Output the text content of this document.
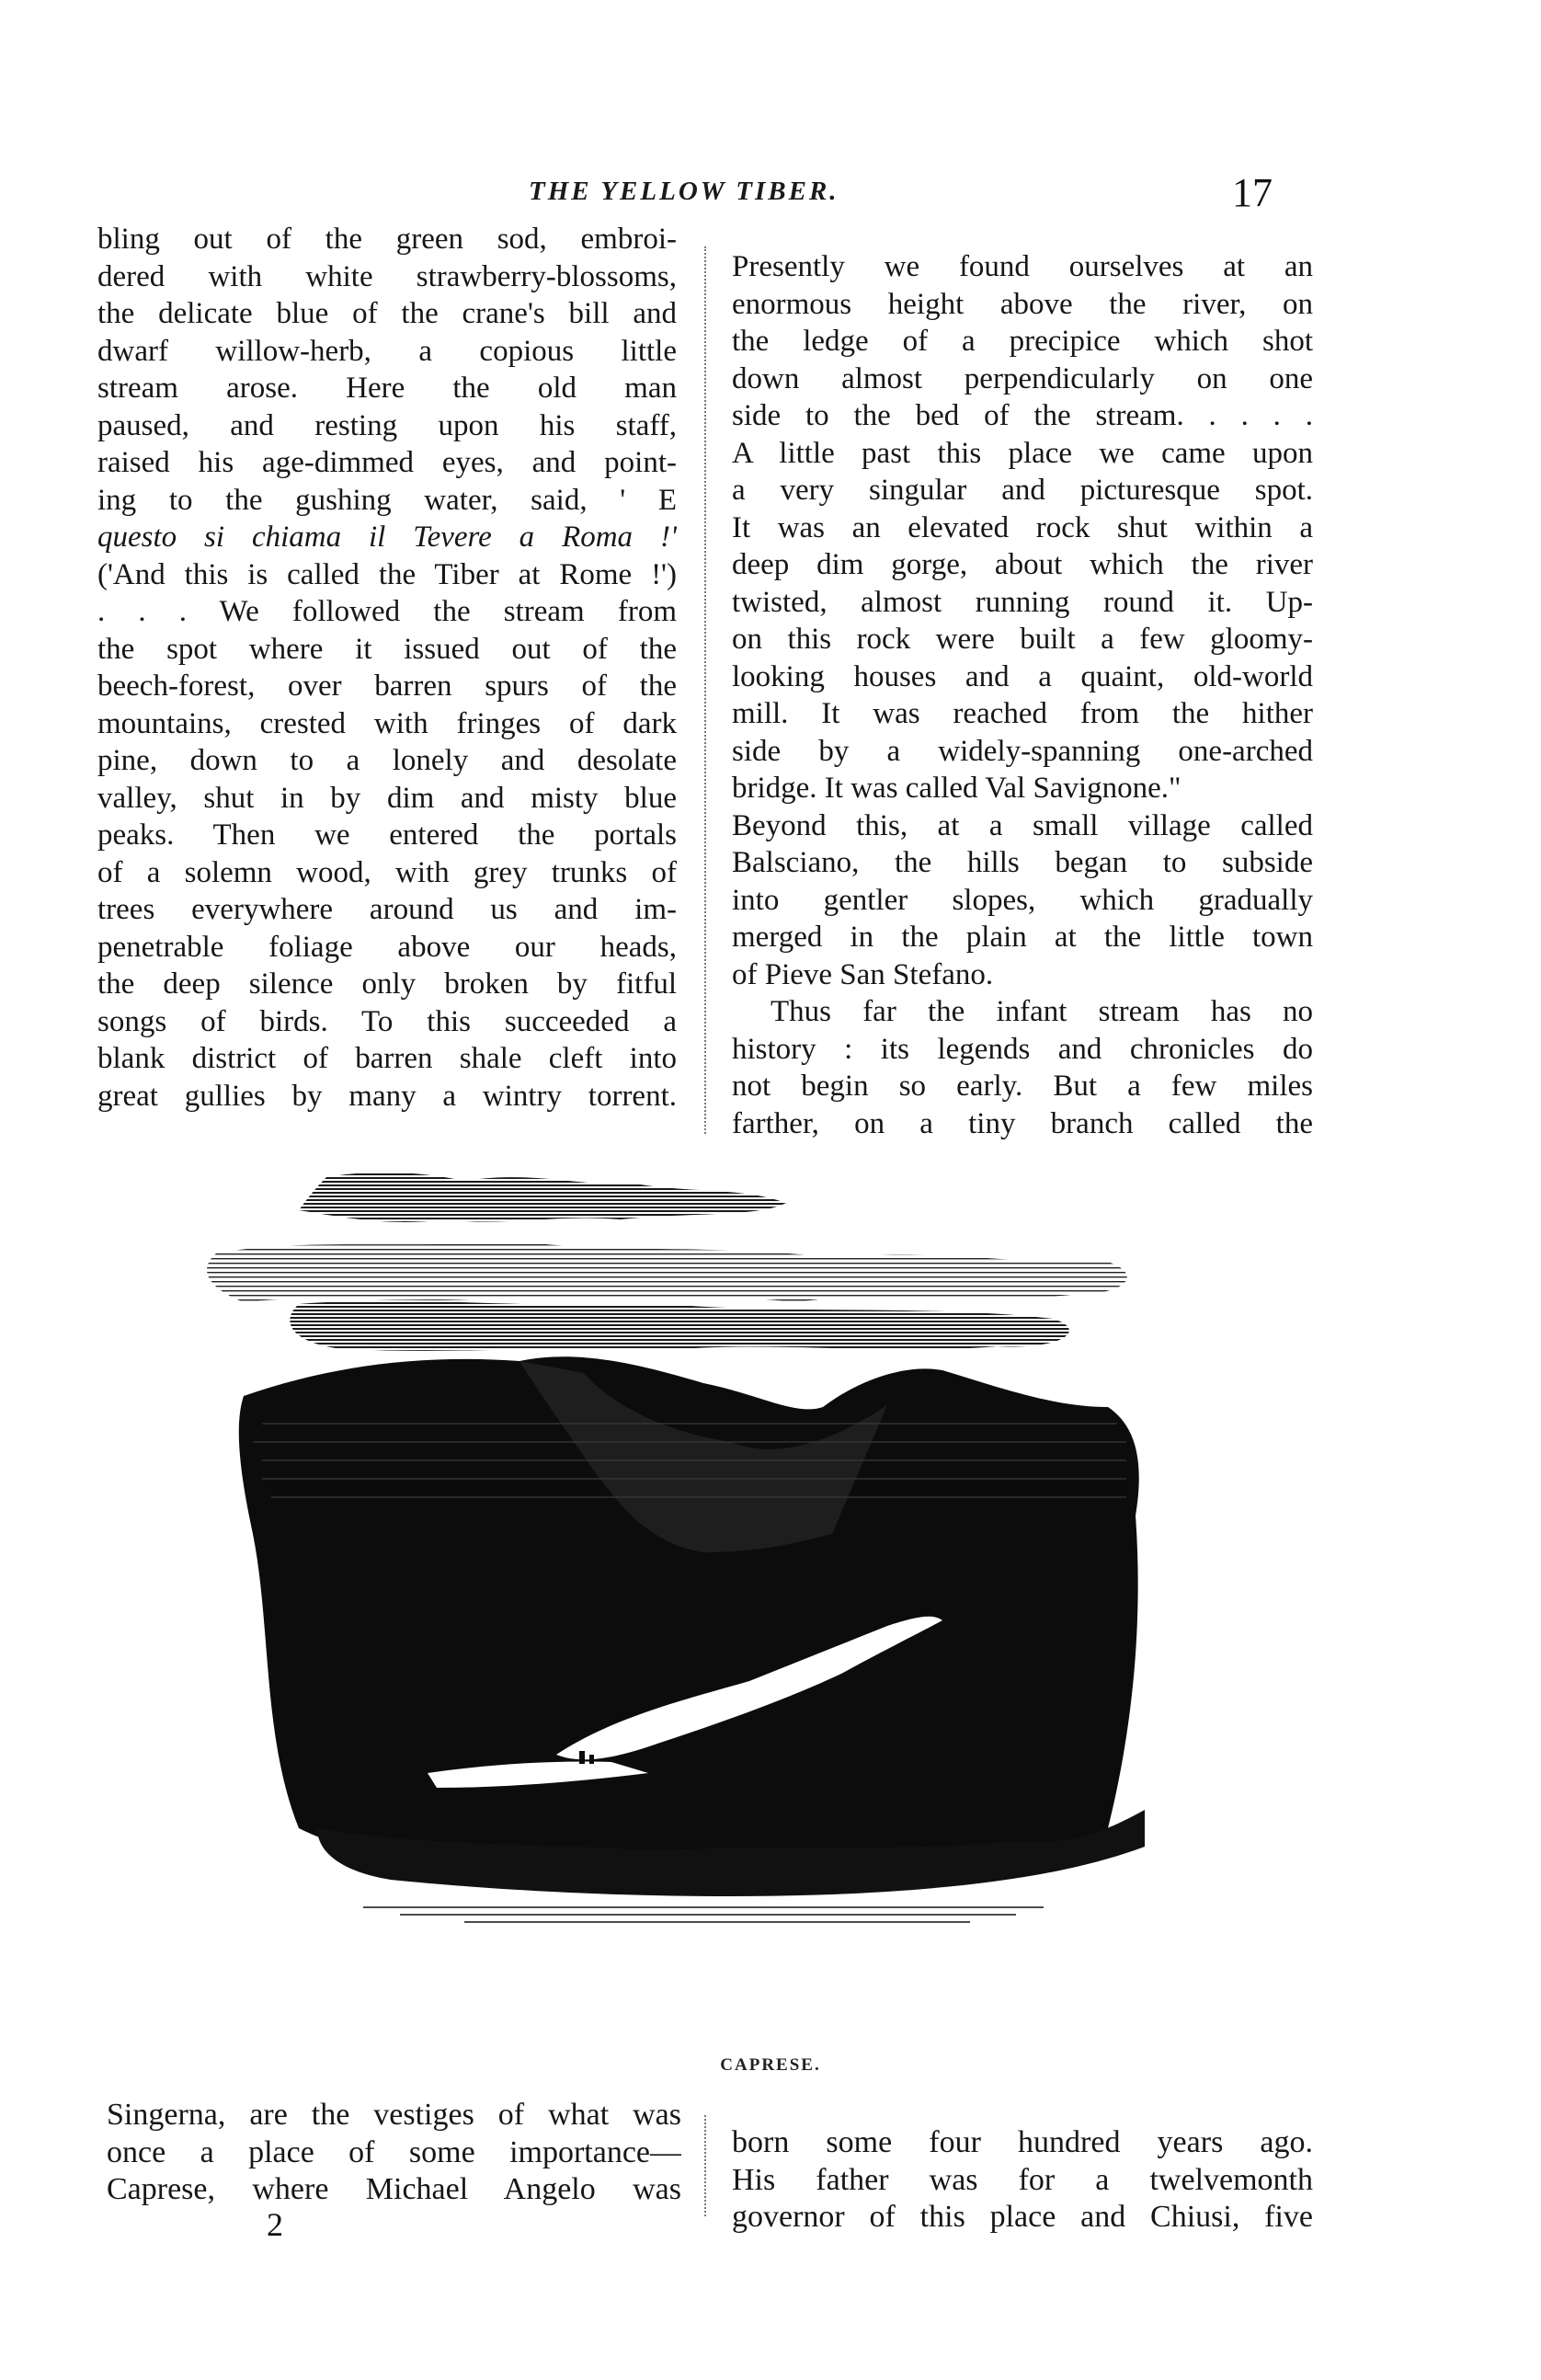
THE YELLOW TIBER.	17
bling out of the green sod, embroi-
dered with white strawberry-blossoms,
the delicate blue of the crane's bill and
dwarf willow-herb, a copious little
stream arose. Here the old man
paused, and resting upon his staff,
raised his age-dimmed eyes, and point-
ing to the gushing water, said, ' E
questo si chiama il Tevere a Roma !'
('And this is called the Tiber at Rome !')
. . . We followed the stream from
the spot where it issued out of the
beech-forest, over barren spurs of the
mountains, crested with fringes of dark
pine, down to a lonely and desolate
valley, shut in by dim and misty blue
peaks. Then we entered the portals
of a solemn wood, with grey trunks of
trees everywhere around us and im-
penetrable foliage above our heads,
the deep silence only broken by fitful
songs of birds. To this succeeded a
blank district of barren shale cleft into
great gullies by many a wintry torrent.
Presently we found ourselves at an
enormous height above the river, on
the ledge of a precipice which shot
down almost perpendicularly on one
side to the bed of the stream. . . . .
A little past this place we came upon
a very singular and picturesque spot.
It was an elevated rock shut within a
deep dim gorge, about which the river
twisted, almost running round it. Up-
on this rock were built a few gloomy-
looking houses and a quaint, old-world
mill. It was reached from the hither
side by a widely-spanning one-arched
bridge. It was called Val Savignone."
Beyond this, at a small village called
Balsciano, the hills began to subside
into gentler slopes, which gradually
merged in the plain at the little town
of Pieve San Stefano.
Thus far the infant stream has no
history : its legends and chronicles do
not begin so early. But a few miles
farther, on a tiny branch called the
CAPRESE.
Singerna, are the vestiges of what was
once a place of some importance—
Caprese, where Michael Angelo was
2
born some four hundred years ago.
His father was for a twelvemonth
governor of this place and Chiusi, five
